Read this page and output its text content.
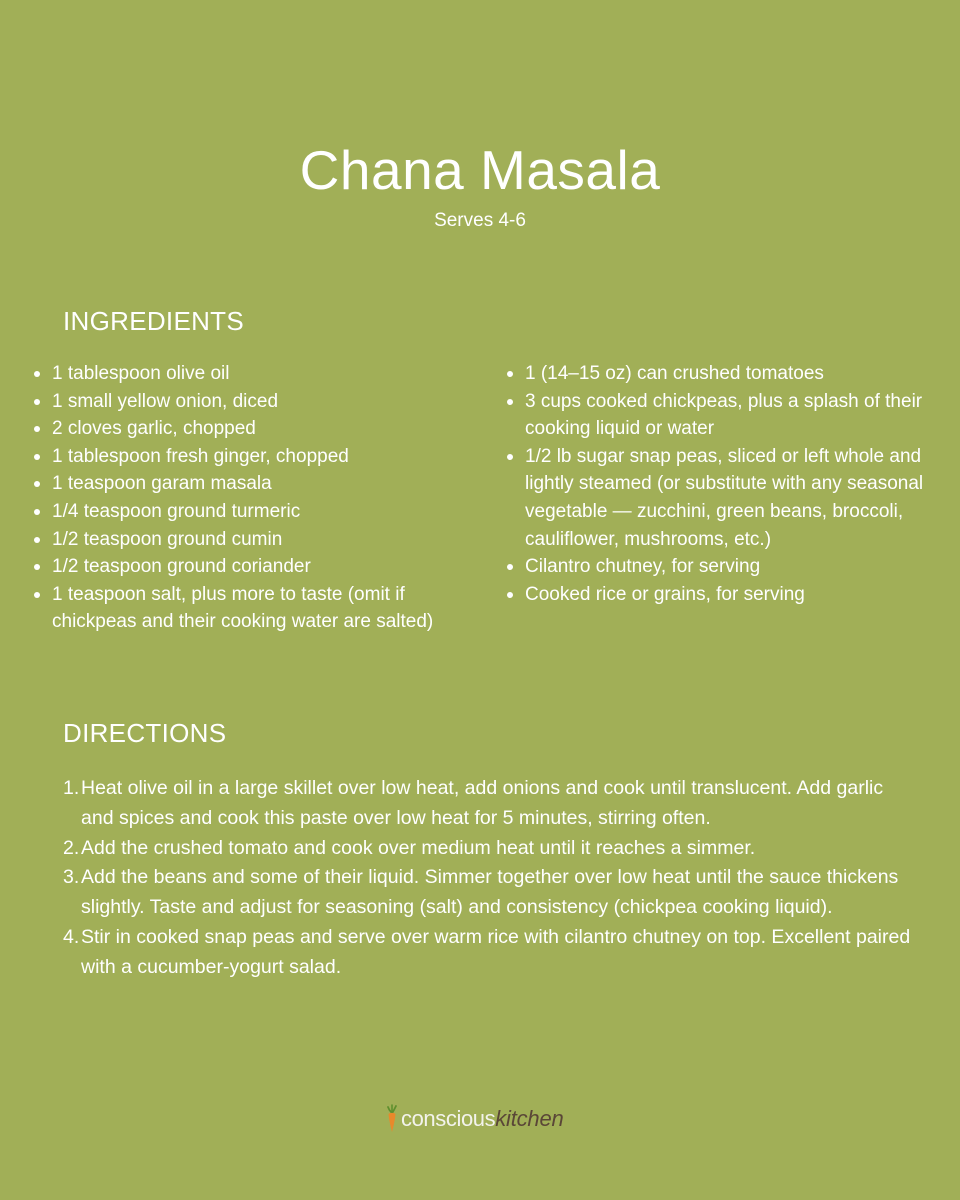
Chana Masala
Serves 4-6
INGREDIENTS
1 tablespoon olive oil
1 small yellow onion, diced
2 cloves garlic, chopped
1 tablespoon fresh ginger, chopped
1 teaspoon garam masala
1/4 teaspoon ground turmeric
1/2 teaspoon ground cumin
1/2 teaspoon ground coriander
1 teaspoon salt, plus more to taste (omit if chickpeas and their cooking water are salted)
1 (14–15 oz) can crushed tomatoes
3 cups cooked chickpeas, plus a splash of their cooking liquid or water
1/2 lb sugar snap peas, sliced or left whole and lightly steamed (or substitute with any seasonal vegetable — zucchini, green beans, broccoli, cauliflower, mushrooms, etc.)
Cilantro chutney, for serving
Cooked rice or grains, for serving
DIRECTIONS
1. Heat olive oil in a large skillet over low heat, add onions and cook until translucent. Add garlic and spices and cook this paste over low heat for 5 minutes, stirring often.
2. Add the crushed tomato and cook over medium heat until it reaches a simmer.
3. Add the beans and some of their liquid. Simmer together over low heat until the sauce thickens slightly. Taste and adjust for seasoning (salt) and consistency (chickpea cooking liquid).
4. Stir in cooked snap peas and serve over warm rice with cilantro chutney on top. Excellent paired with a cucumber-yogurt salad.
conscious kitchen
